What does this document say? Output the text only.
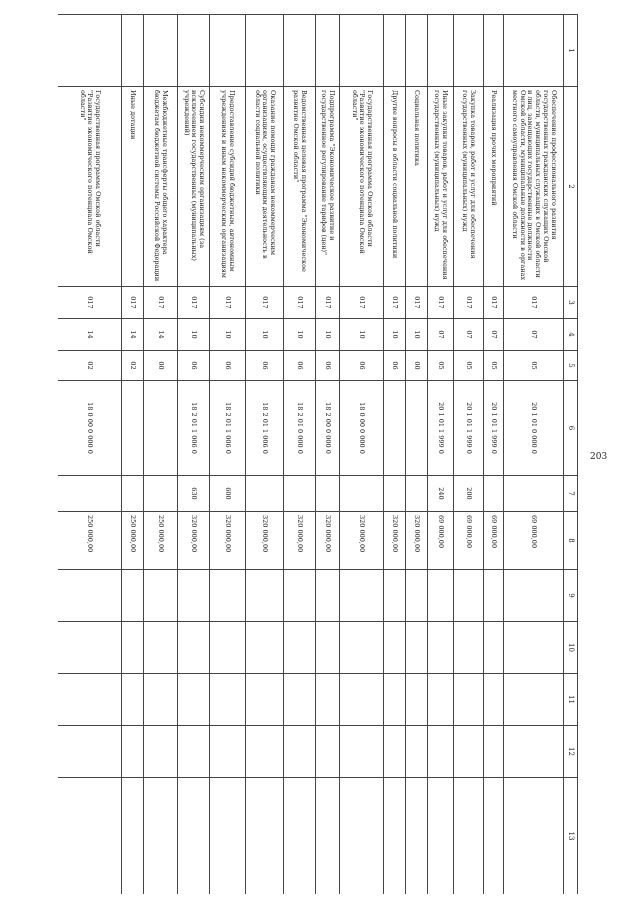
203
1
2
3
4
5
6
7
8
9
10
11
12
13
Обеспечение профессионального развития государственных гражданских служащих Омской области, муниципальных служащих в Омской области и лиц, замещающих государственные должности Омской области, муниципальные должности в органах местного самоуправления Омской области
017
07
05
20 1 01 0 000 0
69 000,00
Реализация прочих мероприятий
017
07
05
20 1 01 1 999 0
69 000,00
Закупка товаров, работ и услуг для обеспечения государственных (муниципальных) нужд
017
07
05
20 1 01 1 999 0
200
69 000,00
Иные закупки товаров, работ и услуг для обеспечения государственных (муниципальных) нужд
017
07
05
20 1 01 1 999 0
240
69 000,00
Социальная политика
017
10
00
320 000,00
Другие вопросы в области социальной политики
017
10
06
320 000,00
Государственная программа Омской области "Развитие экономического потенциала Омской области"
017
10
06
18 0 00 0 000 0
320 000,00
Подпрограмма "Экономическое развитие и государственное регулирование тарифов (цен)"
017
10
06
18 2 00 0 000 0
320 000,00
Ведомственная целевая программа "Экономическое развитие Омской области"
017
10
06
18 2 01 0 000 0
320 000,00
Оказание помощи гражданам некоммерческим организациям, осуществляющим деятельность в области социальной политики
017
10
06
18 2 01 1 006 0
320 000,00
Предоставление субсидий бюджетным, автономным учреждениям и иным некоммерческим организациям
017
10
06
18 2 01 1 006 0
600
320 000,00
Субсидии некоммерческим организациям (за исключением государственных (муниципальных) учреждений)
017
10
06
18 2 01 1 006 0
630
320 000,00
Межбюджетные трансферты общего характера бюджетам бюджетной системы Российской Федерации
017
14
00
250 000,00
Иные дотации
017
14
02
250 000,00
Государственная программа Омской области "Развитие экономического потенциала Омской области"
017
14
02
18 0 00 0 000 0
250 000,00
